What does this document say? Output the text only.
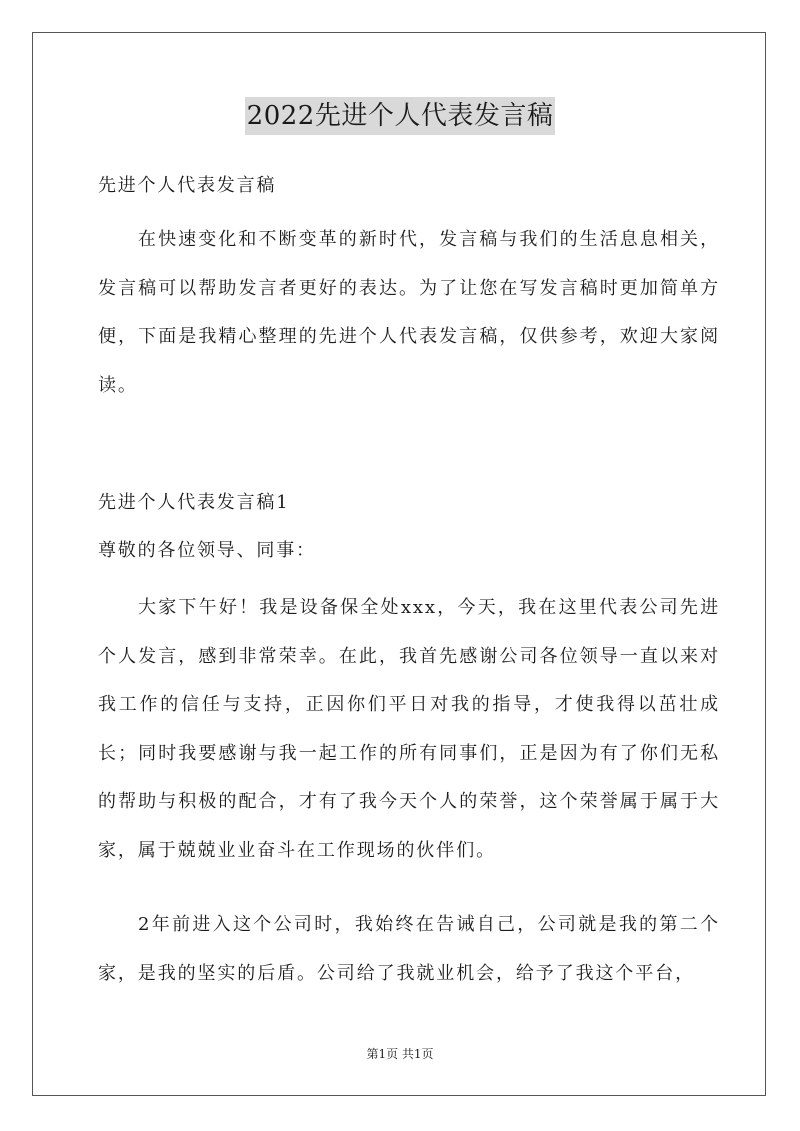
2022先进个人代表发言稿
先进个人代表发言稿
在快速变化和不断变革的新时代，发言稿与我们的生活息息相关，发言稿可以帮助发言者更好的表达。为了让您在写发言稿时更加简单方便，下面是我精心整理的先进个人代表发言稿，仅供参考，欢迎大家阅读。
先进个人代表发言稿1
尊敬的各位领导、同事：
大家下午好！我是设备保全处xxx，今天，我在这里代表公司先进个人发言，感到非常荣幸。在此，我首先感谢公司各位领导一直以来对我工作的信任与支持，正因你们平日对我的指导，才使我得以茁壮成长；同时我要感谢与我一起工作的所有同事们，正是因为有了你们无私的帮助与积极的配合，才有了我今天个人的荣誉，这个荣誉属于属于大家，属于兢兢业业奋斗在工作现场的伙伴们。
2年前进入这个公司时，我始终在告诫自己，公司就是我的第二个家，是我的坚实的后盾。公司给了我就业机会，给予了我这个平台，
第1页 共1页
